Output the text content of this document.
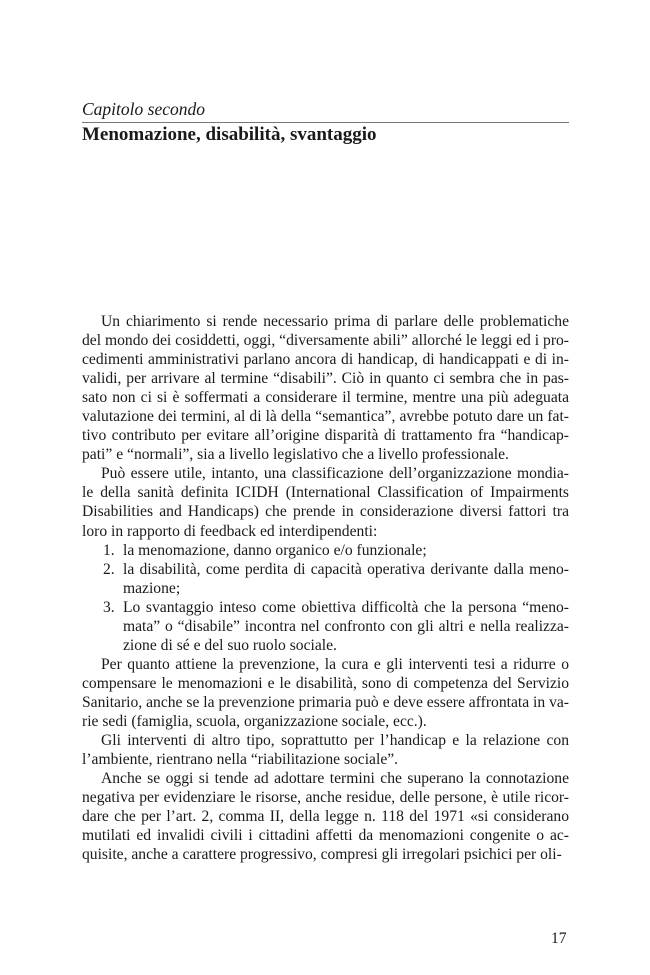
Capitolo secondo
Menomazione, disabilità, svantaggio
Un chiarimento si rende necessario prima di parlare delle problematiche
del mondo dei cosiddetti, oggi, “diversamente abili” allorché le leggi ed i pro-
cedimenti amministrativi parlano ancora di handicap, di handicappati e di in-
validi, per arrivare al termine “disabili”. Ciò in quanto ci sembra che in pas-
sato non ci si è soffermati a considerare il termine, mentre una più adeguata
valutazione dei termini, al di là della “semantica”, avrebbe potuto dare un fat-
tivo contributo per evitare all’origine disparità di trattamento fra “handicap-
pati” e “normali”, sia a livello legislativo che a livello professionale.
Può essere utile, intanto, una classificazione dell’organizzazione mondia-
le della sanità definita ICIDH (International Classification of Impairments
Disabilities and Handicaps) che prende in considerazione diversi fattori tra
loro in rapporto di feedback ed interdipendenti:
1. la menomazione, danno organico e/o funzionale;
2. la disabilità, come perdita di capacità operativa derivante dalla meno-
mazione;
3. Lo svantaggio inteso come obiettiva difficoltà che la persona “meno-
mata” o “disabile” incontra nel confronto con gli altri e nella realizza-
zione di sé e del suo ruolo sociale.
Per quanto attiene la prevenzione, la cura e gli interventi tesi a ridurre o
compensare le menomazioni e le disabilità, sono di competenza del Servizio
Sanitario, anche se la prevenzione primaria può e deve essere affrontata in va-
rie sedi (famiglia, scuola, organizzazione sociale, ecc.).
Gli interventi di altro tipo, soprattutto per l’handicap e la relazione con
l’ambiente, rientrano nella “riabilitazione sociale”.
Anche se oggi si tende ad adottare termini che superano la connotazione
negativa per evidenziare le risorse, anche residue, delle persone, è utile ricor-
dare che per l’art. 2, comma II, della legge n. 118 del 1971 «si considerano
mutilati ed invalidi civili i cittadini affetti da menomazioni congenite o ac-
quisite, anche a carattere progressivo, compresi gli irregolari psichici per oli-
17
